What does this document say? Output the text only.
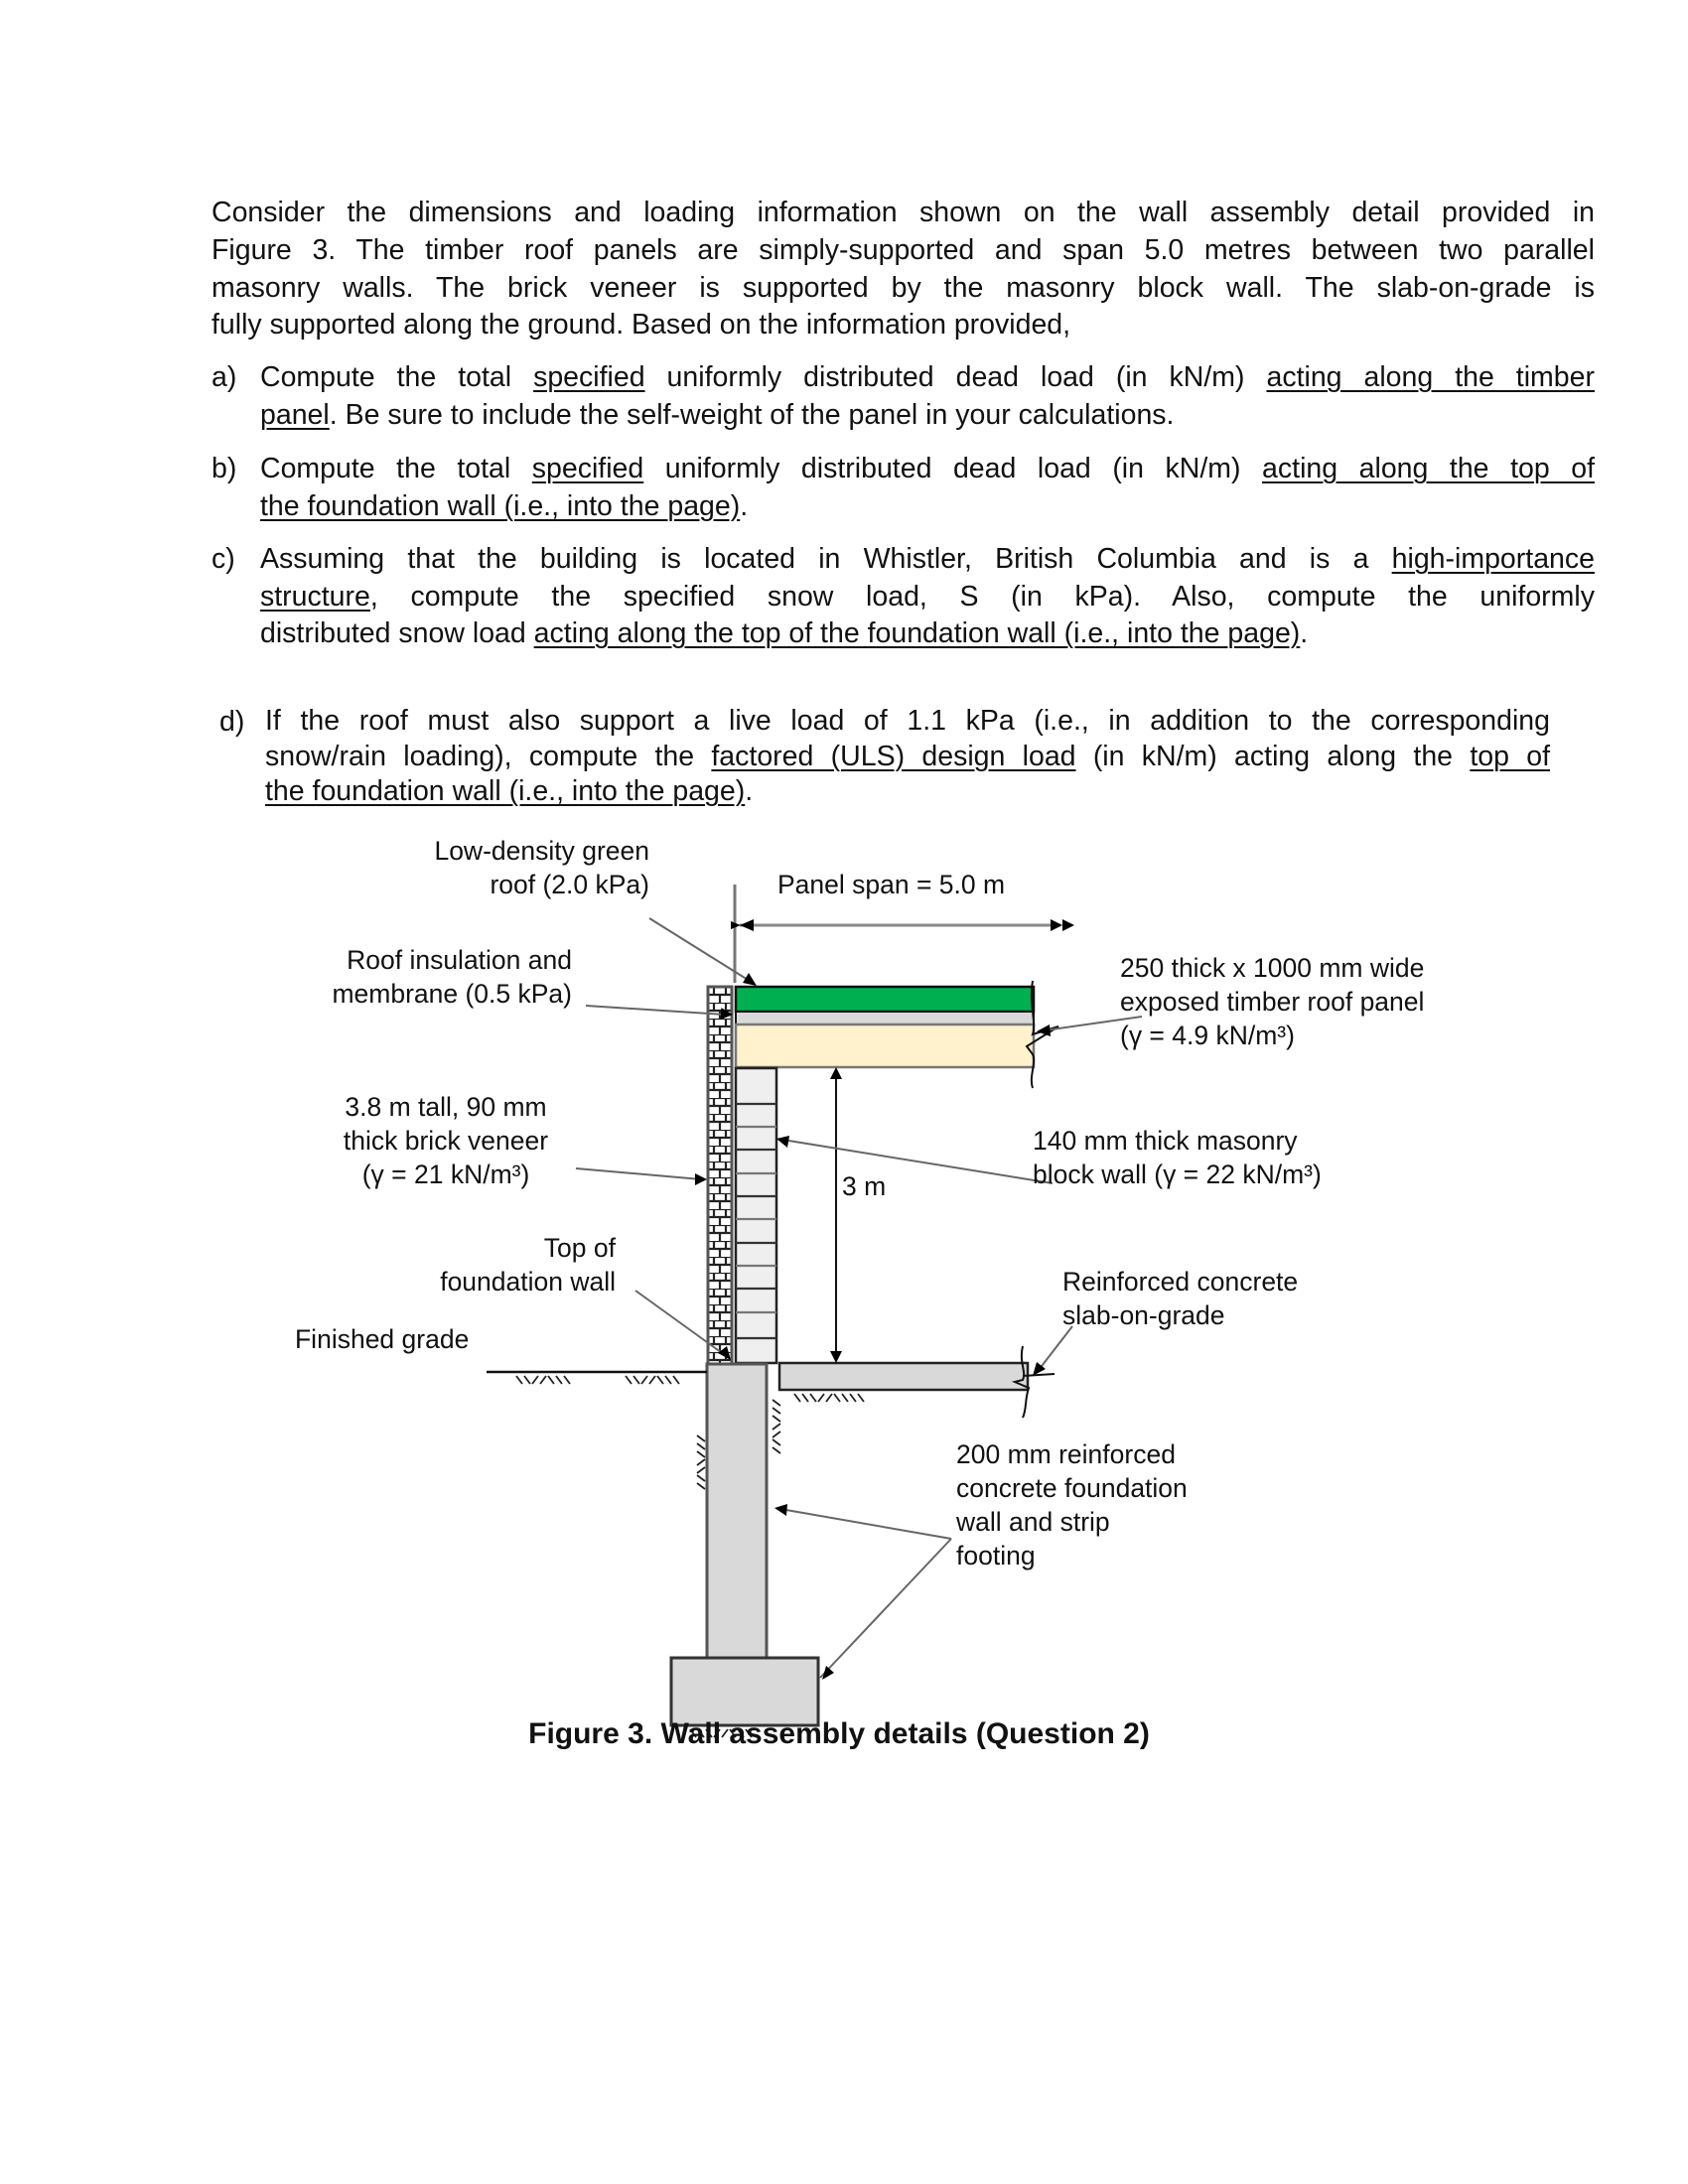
Consider the dimensions and loading information shown on the wall assembly detail provided in
Figure 3. The timber roof panels are simply-supported and span 5.0 metres between two parallel
masonry walls. The brick veneer is supported by the masonry block wall. The slab-on-grade is
fully supported along the ground. Based on the information provided,
a) Compute the total specified uniformly distributed dead load (in kN/m) acting along the timber
panel. Be sure to include the self-weight of the panel in your calculations.
b) Compute the total specified uniformly distributed dead load (in kN/m) acting along the top of
the foundation wall (i.e., into the page).
c) Assuming that the building is located in Whistler, British Columbia and is a high-importance
structure, compute the specified snow load, S (in kPa). Also, compute the uniformly
distributed snow load acting along the top of the foundation wall (i.e., into the page).
d) If the roof must also support a live load of 1.1 kPa (i.e., in addition to the corresponding
snow/rain loading), compute the factored (ULS) design load (in kN/m) acting along the top of
the foundation wall (i.e., into the page).
Low-density green
roof (2.0 kPa)	Panel span = 5.0 m
Roof insulation and
membrane (0.5 kPa)
250 thick x 1000 mm wide
exposed timber roof panel
(γ = 4.9 kN/m³)
3.8 m tall, 90 mm
thick brick veneer
(γ = 21 kN/m³)
140 mm thick masonry
block wall (γ = 22 kN/m³)
3 m
Top of
foundation wall	Reinforced concrete
slab-on-grade
Finished grade
200 mm reinforced
concrete foundation
wall and strip
footing
Figure 3. Wall assembly details (Question 2)
